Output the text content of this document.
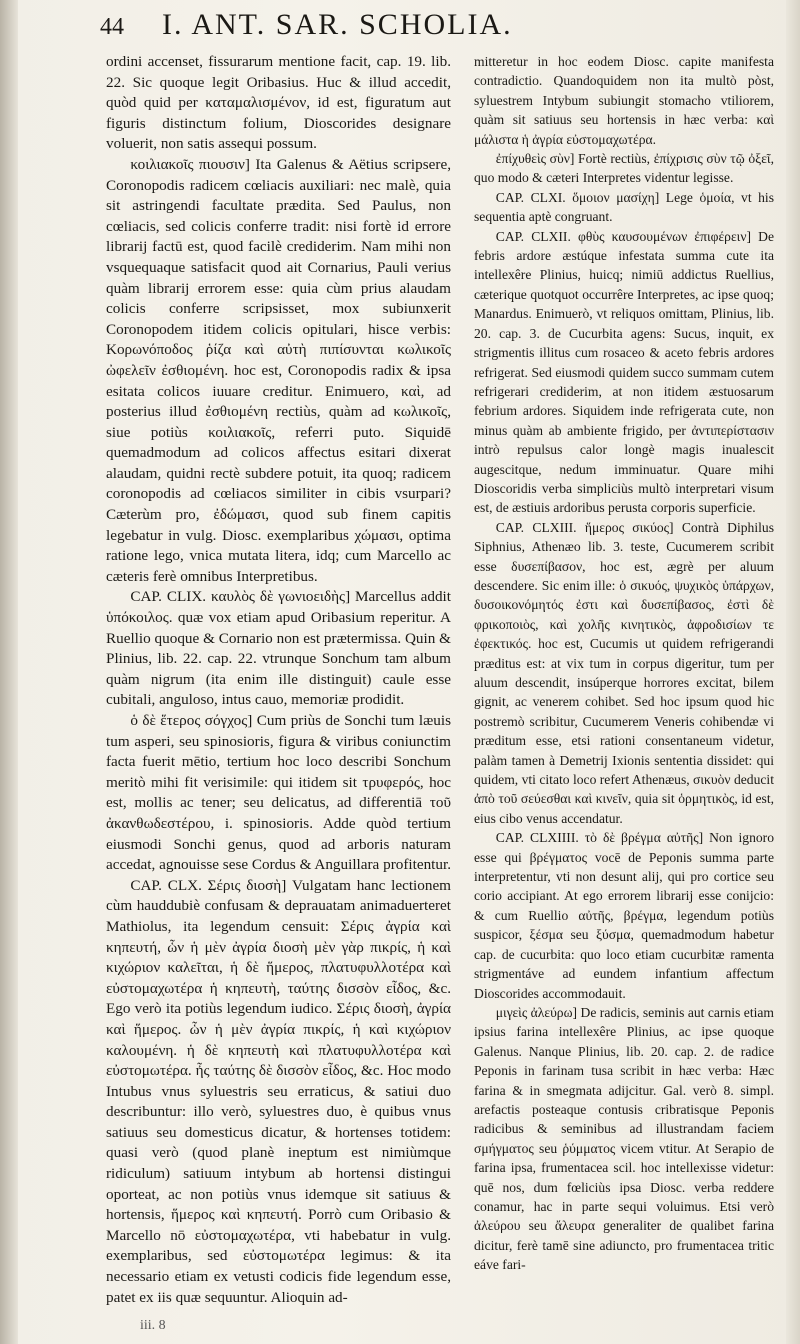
44 I. ANT. SAR. SCHOLIA.

ordini accenset, fissurarum mentione facit, cap. 19. lib. 22. Sic quoque legit Oribasius. Huc & illud accedit, quòd quid per καταμαλισμένον, id est, figuratum aut figuris distinctum folium, Dioscorides designare voluerit, non satis assequi possum.

κοιλιακοῖς πιουσιν] Ita Galenus & Aëtius scripsere, Coronopodis radicem cœliacis auxiliari: nec malè, quia sit astringendi facultate prædita. Sed Paulus, non cœliacis, sed colicis conferre tradit: nisi fortè id errore librarij factū est, quod facilè crediderim. Nam mihi non vsquequaque satisfacit quod ait Cornarius, Pauli verius quàm librarij errorem esse: quia cùm prius alaudam colicis conferre scripsisset, mox subiunxerit Coronopodem itidem colicis opitulari, hisce verbis: Κορωνόποδος ῥίζα καὶ αὐτὴ πιπίσυνται κωλικοῖς ὠφελεῖν ἐσθιομένη. hoc est, Coronopodis radix & ipsa esitata colicos iuuare creditur. Enimuero, καὶ, ad posterius illud ἐσθιομένη rectiùs, quàm ad κωλικοῖς, siue potiùs κοιλιακοῖς, referri puto. Siquidē quemadmodum ad colicos affectus esitari dixerat alaudam, quidni rectè subdere potuit, ita quoq; radicem coronopodis ad cœliacos similiter in cibis vsurpari? Cæterùm pro, ἐδώμασι, quod sub finem capitis legebatur in vulg. Diosc. exemplaribus χώμασι, optima ratione lego, vnica mutata litera, idq; cum Marcello ac cæteris ferè omnibus Interpretibus.

CAP. CLIX. καυλὸς δὲ γωνιοειδὴς] Marcellus addit ὑπόκοιλος. quæ vox etiam apud Oribasium reperitur. A Ruellio quoque & Cornario non est prætermissa. Quin & Plinius, lib. 22. cap. 22. vtrunque Sonchum tam album quàm nigrum (ita enim ille distinguit) caule esse cubitali, anguloso, intus cauo, memoriæ prodidit.

ὁ δὲ ἕτερος σόγχος] Cum priùs de Sonchi tum læuis tum asperi, seu spinosioris, figura & viribus coniunctim facta fuerit mētio, tertium hoc loco describi Sonchum meritò mihi fit verisimile: qui itidem sit τρυφερός, hoc est, mollis ac tener; seu delicatus, ad differentiā τοῦ ἀκανθωδεστέρου, i. spinosioris. Adde quòd tertium eiusmodi Sonchi genus, quod ad arboris naturam accedat, agnouisse sese Cordus & Anguillara profitentur.

CAP. CLX. Σέρις διοσὴ] Vulgatam hanc lectionem cùm hauddubiè confusam & deprauatam animaduerteret Mathiolus, ita legendum censuit: Σέρις ἀγρία καὶ κηπευτή, ὧν ἡ μὲν ἀγρία διοσὴ μὲν γὰρ πικρίς, ἡ καὶ κιχώριον καλεῖται, ἡ δὲ ἥμερος, πλατυφυλλοτέρα καὶ εὐστομαχωτέρα ἡ κηπευτὴ, ταύτης δισσὸν εἶδος, &c. Ego verò ita potiùs legendum iudico. Σέρις διοσὴ, ἀγρία καὶ ἥμερος. ὧν ἡ μὲν ἀγρία πικρίς, ἡ καὶ κιχώριον καλουμένη. ἡ δὲ κηπευτὴ καὶ πλατυφυλλοτέρα καὶ εὐστομωτέρα. ἦς ταύτης δὲ δισσὸν εἶδος, &c. Hoc modo Intubus vnus syluestris seu erraticus, & satiui duo describuntur: illo verò, syluestres duo, è quibus vnus satiuus seu domesticus dicatur, & hortenses totidem: quasi verò (quod planè ineptum est nimiùmque ridiculum) satiuum intybum ab hortensi distingui oporteat, ac non potiùs vnus idemque sit satiuus & hortensis, ἥμερος καὶ κηπευτή. Porrò cum Oribasio & Marcello nō εὐστομαχωτέρα, vti habebatur in vulg. exemplaribus, sed εὐστομωτέρα legimus: & ita necessario etiam ex vetusti codicis fide legendum esse, patet ex iis quæ sequuntur. Alioquin ad-

mitteretur in hoc eodem Diosc. capite manifesta contradictio. Quandoquidem non ita multò pòst, syluestrem Intybum subiungit stomacho vtiliorem, quàm sit satiuus seu hortensis in hæc verba: καὶ μάλιστα ἡ ἀγρία εὐστομαχωτέρα.

ἐπίχυθεὶς σὺν] Fortè rectiùs, ἐπίχρισις σὺν τῷ ὀξεῖ, quo modo & cæteri Interpretes videntur legisse.

CAP. CLXI. ὅμοιον μασίχη] Lege ὁμοία, vt his sequentia aptè congruant.

CAP. CLXII. φθὺς καυσουμένων ἐπιφέρειν] De febris ardore æstúque infestata summa cute ita intellexêre Plinius, huicq; nimiū addictus Ruellius, cæterique quotquot occurrêre Interpretes, ac ipse quoq; Manardus. Enimuerò, vt reliquos omittam, Plinius, lib. 20. cap. 3. de Cucurbita agens: Sucus, inquit, ex strigmentis illitus cum rosaceo & aceto febris ardores refrigerat. Sed eiusmodi quidem succo summam cutem refrigerari crediderim, at non itidem æstuosarum febrium ardores. Siquidem inde refrigerata cute, non minus quàm ab ambiente frigido, per ἀντιπερίστασιν intrò repulsus calor longè magis inualescit augescitque, nedum imminuatur. Quare mihi Dioscoridis verba simpliciùs multò interpretari visum est, de æstiuis ardoribus perusta corporis superficie.

CAP. CLXIII. ἥμερος σικύος] Contrà Diphilus Siphnius, Athenæo lib. 3. teste, Cucumerem scribit esse δυσεπίβασον, hoc est, ægrè per aluum descendere. Sic enim ille: ὁ σικυός, ψυχικὸς ὑπάρχων, δυσοικονόμητός ἐστι καὶ δυσεπίβασος, ἐστὶ δὲ φρικοποιὸς, καὶ χολῆς κινητικὸς, ἀφροδισίων τε ἐφεκτικός. hoc est, Cucumis ut quidem refrigerandi præditus est: at vix tum in corpus digeritur, tum per aluum descendit, insúperque horrores excitat, bilem gignit, ac venerem cohibet. Sed hoc ipsum quod hic postremò scribitur, Cucumerem Veneris cohibendæ vi præditum esse, etsi rationi consentaneum videtur, palàm tamen à Demetrij Ixionis sententia dissidet: qui quidem, vti citato loco refert Athenæus, σικυὸν deducit ἀπὸ τοῦ σεύεσθαι καὶ κινεῖν, quia sit ὁρμητικὸς, id est, eius cibo venus accendatur.

CAP. CLXIIII. τὸ δὲ βρέγμα αὐτῆς] Non ignoro esse qui βρέγματος vocē de Peponis summa parte interpretentur, vti non desunt alij, qui pro cortice seu corio accipiant. At ego errorem librarij esse conijcio: & cum Ruellio αὐτῆς, βρέγμα, legendum potiùs suspicor, ξέσμα seu ξύσμα, quemadmodum habetur cap. de cucurbita: quo loco etiam cucurbitæ ramenta strigmentáve ad eundem infantium affectum Dioscorides accommodauit.

μιγεὶς ἀλεύρω] De radicis, seminis aut carnis etiam ipsius farina intellexêre Plinius, ac ipse quoque Galenus. Nanque Plinius, lib. 20. cap. 2. de radice Peponis in farinam tusa scribit in hæc verba: Hæc farina & in smegmata adijcitur. Gal. verò 8. simpl. arefactis posteaque contusis cribratisque Peponis radicibus & seminibus ad illustrandam faciem σμήγματος seu ῥύμματος vicem vtitur. At Serapio de farina ipsa, frumentacea scil. hoc intellexisse videtur: quē nos, dum fœliciùs ipsa Diosc. verba reddere conamur, hac in parte sequi voluimus. Etsi verò ἀλεύρου seu ἄλευρα generaliter de qualibet farina dicitur, ferè tamē sine adiuncto, pro frumentacea tritic eáve fari-

iii. 8
